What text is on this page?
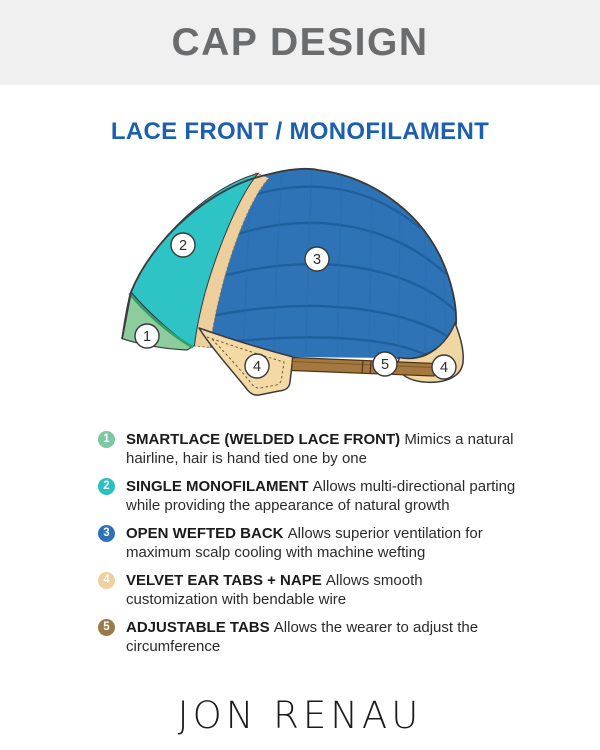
CAP DESIGN
LACE FRONT / MONOFILAMENT
1
2
3
4	5	4
1	SMARTLACE (WELDED LACE FRONT) Mimics a natural hairline, hair is hand tied one by one

2	SINGLE MONOFILAMENT Allows multi-directional parting while providing the appearance of natural growth

3	OPEN WEFTED BACK Allows superior ventilation for maximum scalp cooling with machine wefting

4	VELVET EAR TABS + NAPE Allows smooth customization with bendable wire

5	ADJUSTABLE TABS Allows the wearer to adjust the circumference

JON RENAU
